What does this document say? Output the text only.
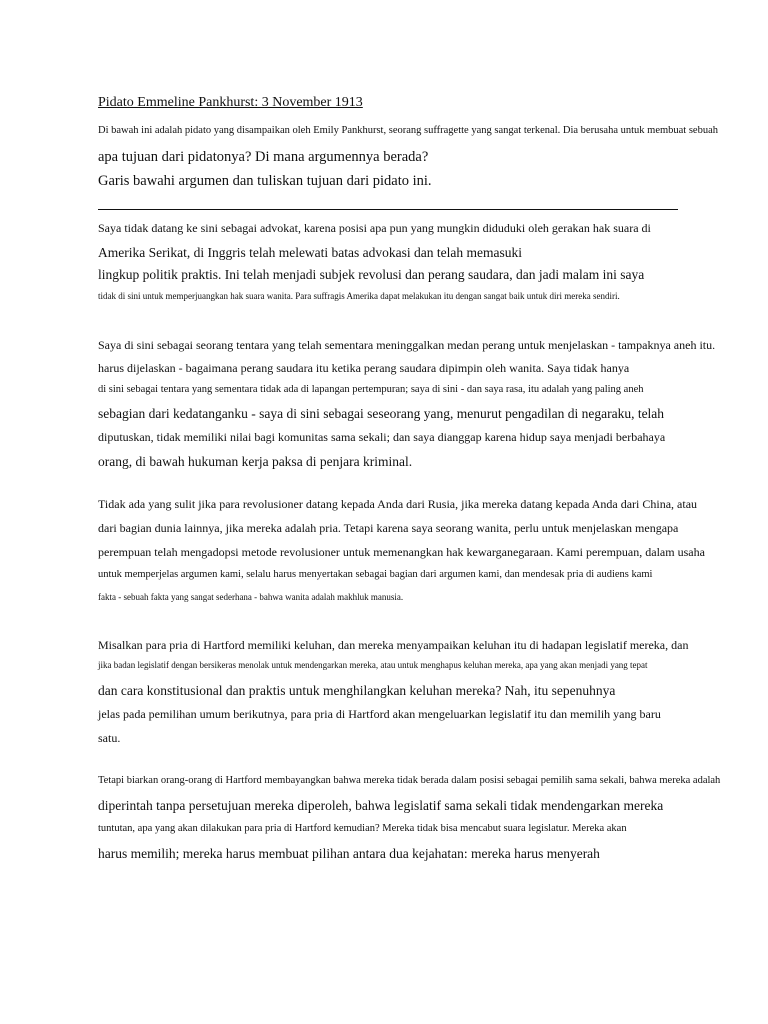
Pidato Emmeline Pankhurst: 3 November 1913
Di bawah ini adalah pidato yang disampaikan oleh Emily Pankhurst, seorang suffragette yang sangat terkenal. Dia berusaha untuk membuat sebuah
apa tujuan dari pidatonya? Di mana argumennya berada?
Garis bawahi argumen dan tuliskan tujuan dari pidato ini.
Saya tidak datang ke sini sebagai advokat, karena posisi apa pun yang mungkin diduduki oleh gerakan hak suara di
Amerika Serikat, di Inggris telah melewati batas advokasi dan telah memasuki
lingkup politik praktis. Ini telah menjadi subjek revolusi dan perang saudara, dan jadi malam ini saya
tidak di sini untuk memperjuangkan hak suara wanita. Para suffragis Amerika dapat melakukan itu dengan sangat baik untuk diri mereka sendiri.
Saya di sini sebagai seorang tentara yang telah sementara meninggalkan medan perang untuk menjelaskan - tampaknya aneh itu.
harus dijelaskan - bagaimana perang saudara itu ketika perang saudara dipimpin oleh wanita. Saya tidak hanya
di sini sebagai tentara yang sementara tidak ada di lapangan pertempuran; saya di sini - dan saya rasa, itu adalah yang paling aneh
sebagian dari kedatanganku - saya di sini sebagai seseorang yang, menurut pengadilan di negaraku, telah
diputuskan, tidak memiliki nilai bagi komunitas sama sekali; dan saya dianggap karena hidup saya menjadi berbahaya
orang, di bawah hukuman kerja paksa di penjara kriminal.
Tidak ada yang sulit jika para revolusioner datang kepada Anda dari Rusia, jika mereka datang kepada Anda dari China, atau
dari bagian dunia lainnya, jika mereka adalah pria. Tetapi karena saya seorang wanita, perlu untuk menjelaskan mengapa
perempuan telah mengadopsi metode revolusioner untuk memenangkan hak kewarganegaraan. Kami perempuan, dalam usaha
untuk memperjelas argumen kami, selalu harus menyertakan sebagai bagian dari argumen kami, dan mendesak pria di audiens kami
fakta - sebuah fakta yang sangat sederhana - bahwa wanita adalah makhluk manusia.
Misalkan para pria di Hartford memiliki keluhan, dan mereka menyampaikan keluhan itu di hadapan legislatif mereka, dan
jika badan legislatif dengan bersikeras menolak untuk mendengarkan mereka, atau untuk menghapus keluhan mereka, apa yang akan menjadi yang tepat
dan cara konstitusional dan praktis untuk menghilangkan keluhan mereka? Nah, itu sepenuhnya
jelas pada pemilihan umum berikutnya, para pria di Hartford akan mengeluarkan legislatif itu dan memilih yang baru
satu.
Tetapi biarkan orang-orang di Hartford membayangkan bahwa mereka tidak berada dalam posisi sebagai pemilih sama sekali, bahwa mereka adalah
diperintah tanpa persetujuan mereka diperoleh, bahwa legislatif sama sekali tidak mendengarkan mereka
tuntutan, apa yang akan dilakukan para pria di Hartford kemudian? Mereka tidak bisa mencabut suara legislatur. Mereka akan
harus memilih; mereka harus membuat pilihan antara dua kejahatan: mereka harus menyerah
